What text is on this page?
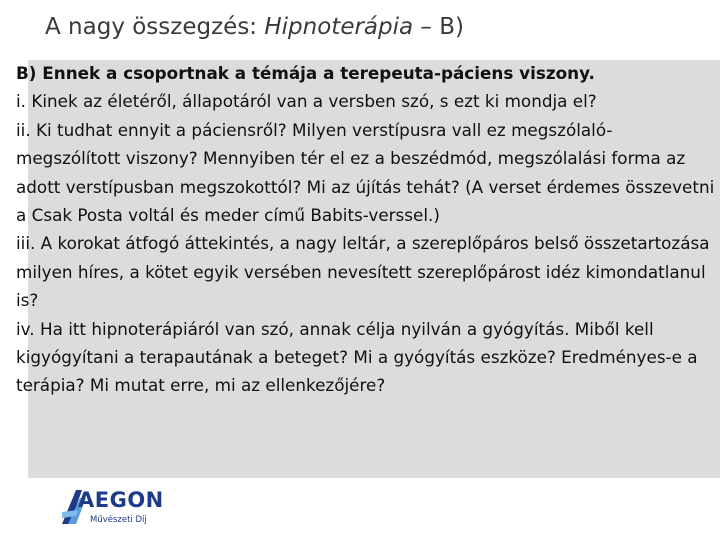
A nagy összegzés: Hipnoterápia – B)

B) Ennek a csoportnak a témája a terepeuta-páciens viszony.

i. Kinek az életéről, állapotáról van a versben szó, s ezt ki mondja el?

ii. Ki tudhat ennyit a páciensről? Milyen verstípusra vall ez megszólaló-megszólított viszony? Mennyiben tér el ez a beszédmód, megszólalási forma az adott verstípusban megszokottól? Mi az újítás tehát? (A verset érdemes összevetni a Csak Posta voltál és meder című Babits-verssel.)

iii. A korokat átfogó áttekintés, a nagy leltár, a szereplőpáros belső összetartozása milyen híres, a kötet egyik versében nevesített szereplőpárost idéz kimondatlanul is?

iv. Ha itt hipnoterápiáról van szó, annak célja nyilván a gyógyítás. Miből kell kigyógyítani a terapautának a beteget? Mi a gyógyítás eszköze? Eredményes-e a terápia? Mi mutat erre, mi az ellenkezőjére?

AEGON
Művészeti Díj
